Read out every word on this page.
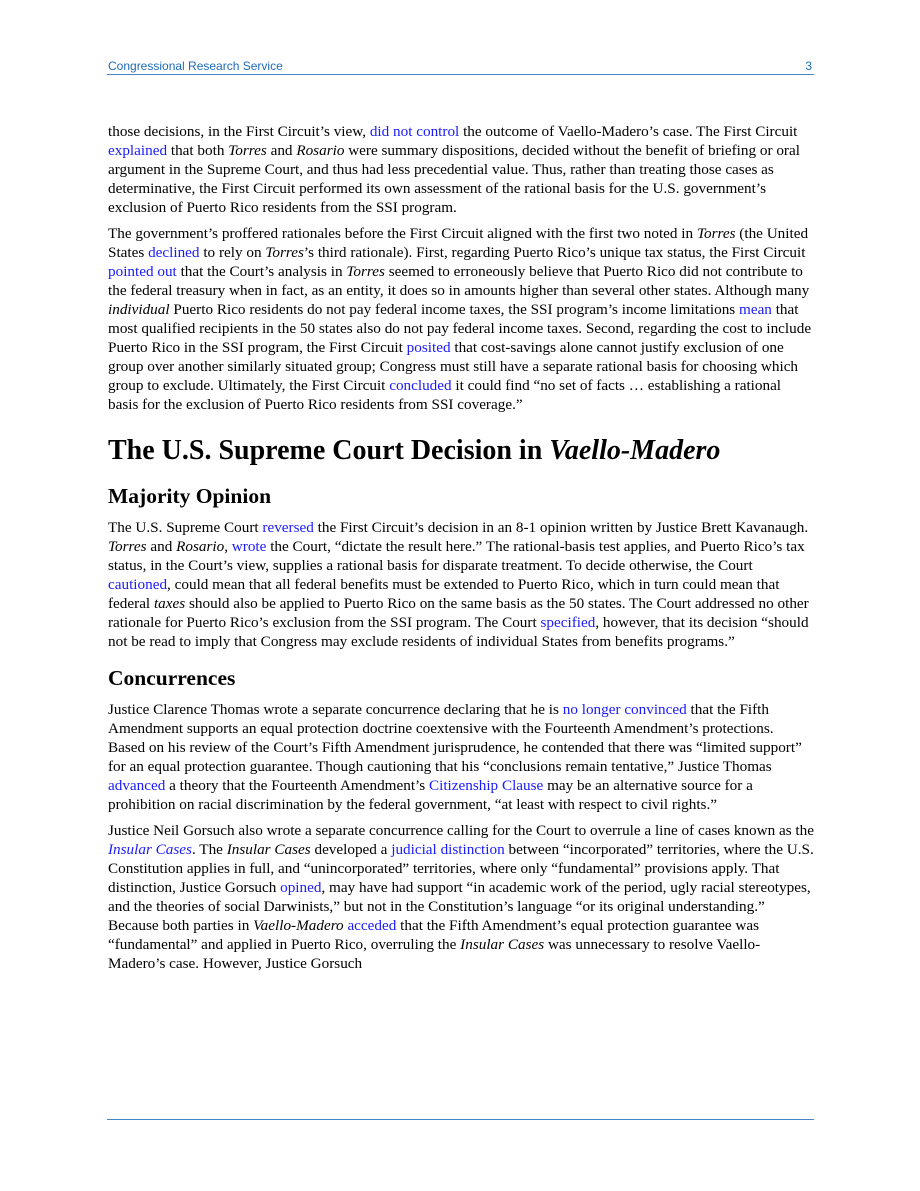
Congressional Research Service	3

those decisions, in the First Circuit’s view, did not control the outcome of Vaello-Madero’s case. The First Circuit explained that both Torres and Rosario were summary dispositions, decided without the benefit of briefing or oral argument in the Supreme Court, and thus had less precedential value. Thus, rather than treating those cases as determinative, the First Circuit performed its own assessment of the rational basis for the U.S. government’s exclusion of Puerto Rico residents from the SSI program.

The government’s proffered rationales before the First Circuit aligned with the first two noted in Torres (the United States declined to rely on Torres’s third rationale). First, regarding Puerto Rico’s unique tax status, the First Circuit pointed out that the Court’s analysis in Torres seemed to erroneously believe that Puerto Rico did not contribute to the federal treasury when in fact, as an entity, it does so in amounts higher than several other states. Although many individual Puerto Rico residents do not pay federal income taxes, the SSI program’s income limitations mean that most qualified recipients in the 50 states also do not pay federal income taxes. Second, regarding the cost to include Puerto Rico in the SSI program, the First Circuit posited that cost-savings alone cannot justify exclusion of one group over another similarly situated group; Congress must still have a separate rational basis for choosing which group to exclude. Ultimately, the First Circuit concluded it could find “no set of facts … establishing a rational basis for the exclusion of Puerto Rico residents from SSI coverage.”

The U.S. Supreme Court Decision in Vaello-Madero
Majority Opinion

The U.S. Supreme Court reversed the First Circuit’s decision in an 8-1 opinion written by Justice Brett Kavanaugh. Torres and Rosario, wrote the Court, “dictate the result here.” The rational-basis test applies, and Puerto Rico’s tax status, in the Court’s view, supplies a rational basis for disparate treatment. To decide otherwise, the Court cautioned, could mean that all federal benefits must be extended to Puerto Rico, which in turn could mean that federal taxes should also be applied to Puerto Rico on the same basis as the 50 states. The Court addressed no other rationale for Puerto Rico’s exclusion from the SSI program. The Court specified, however, that its decision “should not be read to imply that Congress may exclude residents of individual States from benefits programs.”

Concurrences

Justice Clarence Thomas wrote a separate concurrence declaring that he is no longer convinced that the Fifth Amendment supports an equal protection doctrine coextensive with the Fourteenth Amendment’s protections. Based on his review of the Court’s Fifth Amendment jurisprudence, he contended that there was “limited support” for an equal protection guarantee. Though cautioning that his “conclusions remain tentative,” Justice Thomas advanced a theory that the Fourteenth Amendment’s Citizenship Clause may be an alternative source for a prohibition on racial discrimination by the federal government, “at least with respect to civil rights.”

Justice Neil Gorsuch also wrote a separate concurrence calling for the Court to overrule a line of cases known as the Insular Cases. The Insular Cases developed a judicial distinction between “incorporated” territories, where the U.S. Constitution applies in full, and “unincorporated” territories, where only “fundamental” provisions apply. That distinction, Justice Gorsuch opined, may have had support “in academic work of the period, ugly racial stereotypes, and the theories of social Darwinists,” but not in the Constitution’s language “or its original understanding.” Because both parties in Vaello-Madero acceded that the Fifth Amendment’s equal protection guarantee was “fundamental” and applied in Puerto Rico, overruling the Insular Cases was unnecessary to resolve Vaello-Madero’s case. However, Justice Gorsuch
